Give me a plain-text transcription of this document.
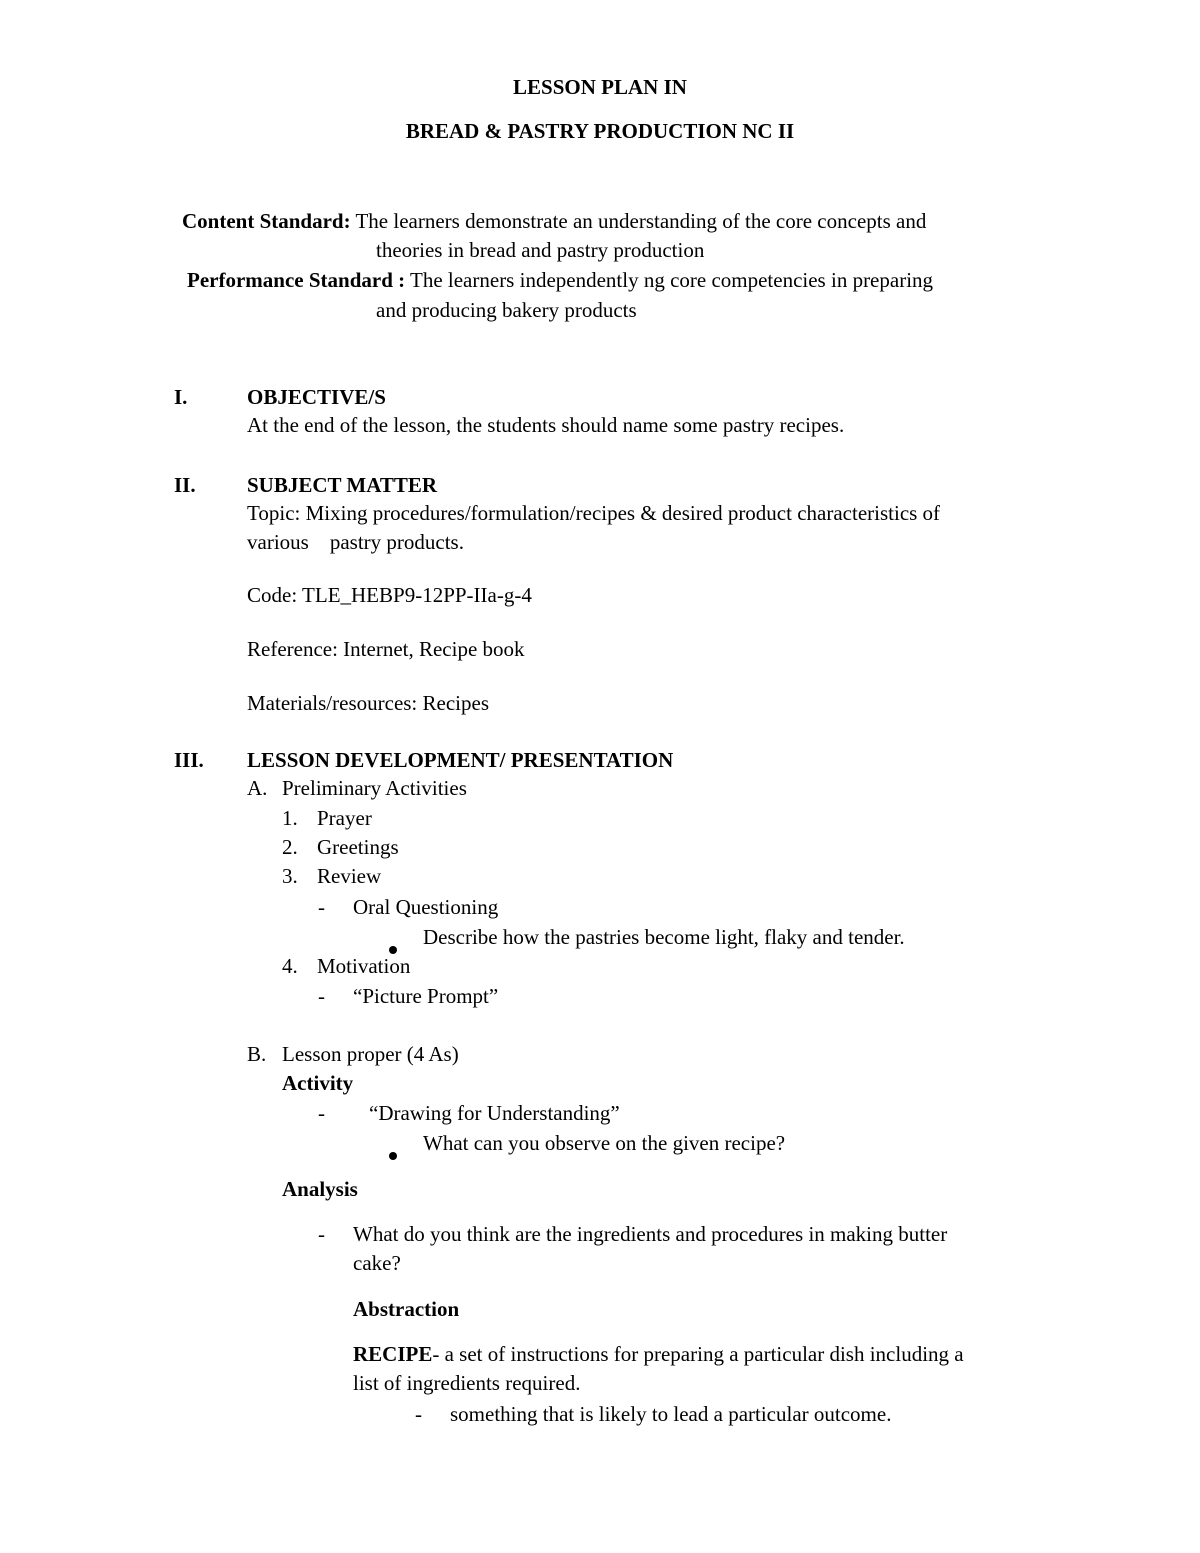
LESSON PLAN IN
BREAD & PASTRY PRODUCTION NC II
Content Standard: The learners demonstrate an understanding of the core concepts and
theories in bread and pastry production
Performance Standard : The learners independently ng core competencies in preparing
and producing bakery products
I.	OBJECTIVE/S
At the end of the lesson, the students should name some pastry recipes.
II. SUBJECT MATTER
Topic: Mixing procedures/formulation/recipes & desired product characteristics of
various    pastry products.
Code: TLE_HEBP9-12PP-IIa-g-4
Reference: Internet, Recipe book
Materials/resources: Recipes
III. LESSON DEVELOPMENT/ PRESENTATION
A. Preliminary Activities
1. Prayer
2. Greetings
3. Review
- Oral Questioning
Describe how the pastries become light, flaky and tender.
4. Motivation
- “Picture Prompt”
B. Lesson proper (4 As)
Activity
- “Drawing for Understanding”
What can you observe on the given recipe?
Analysis
- What do you think are the ingredients and procedures in making butter
cake?
Abstraction
RECIPE- a set of instructions for preparing a particular dish including a
list of ingredients required.
- something that is likely to lead a particular outcome.
